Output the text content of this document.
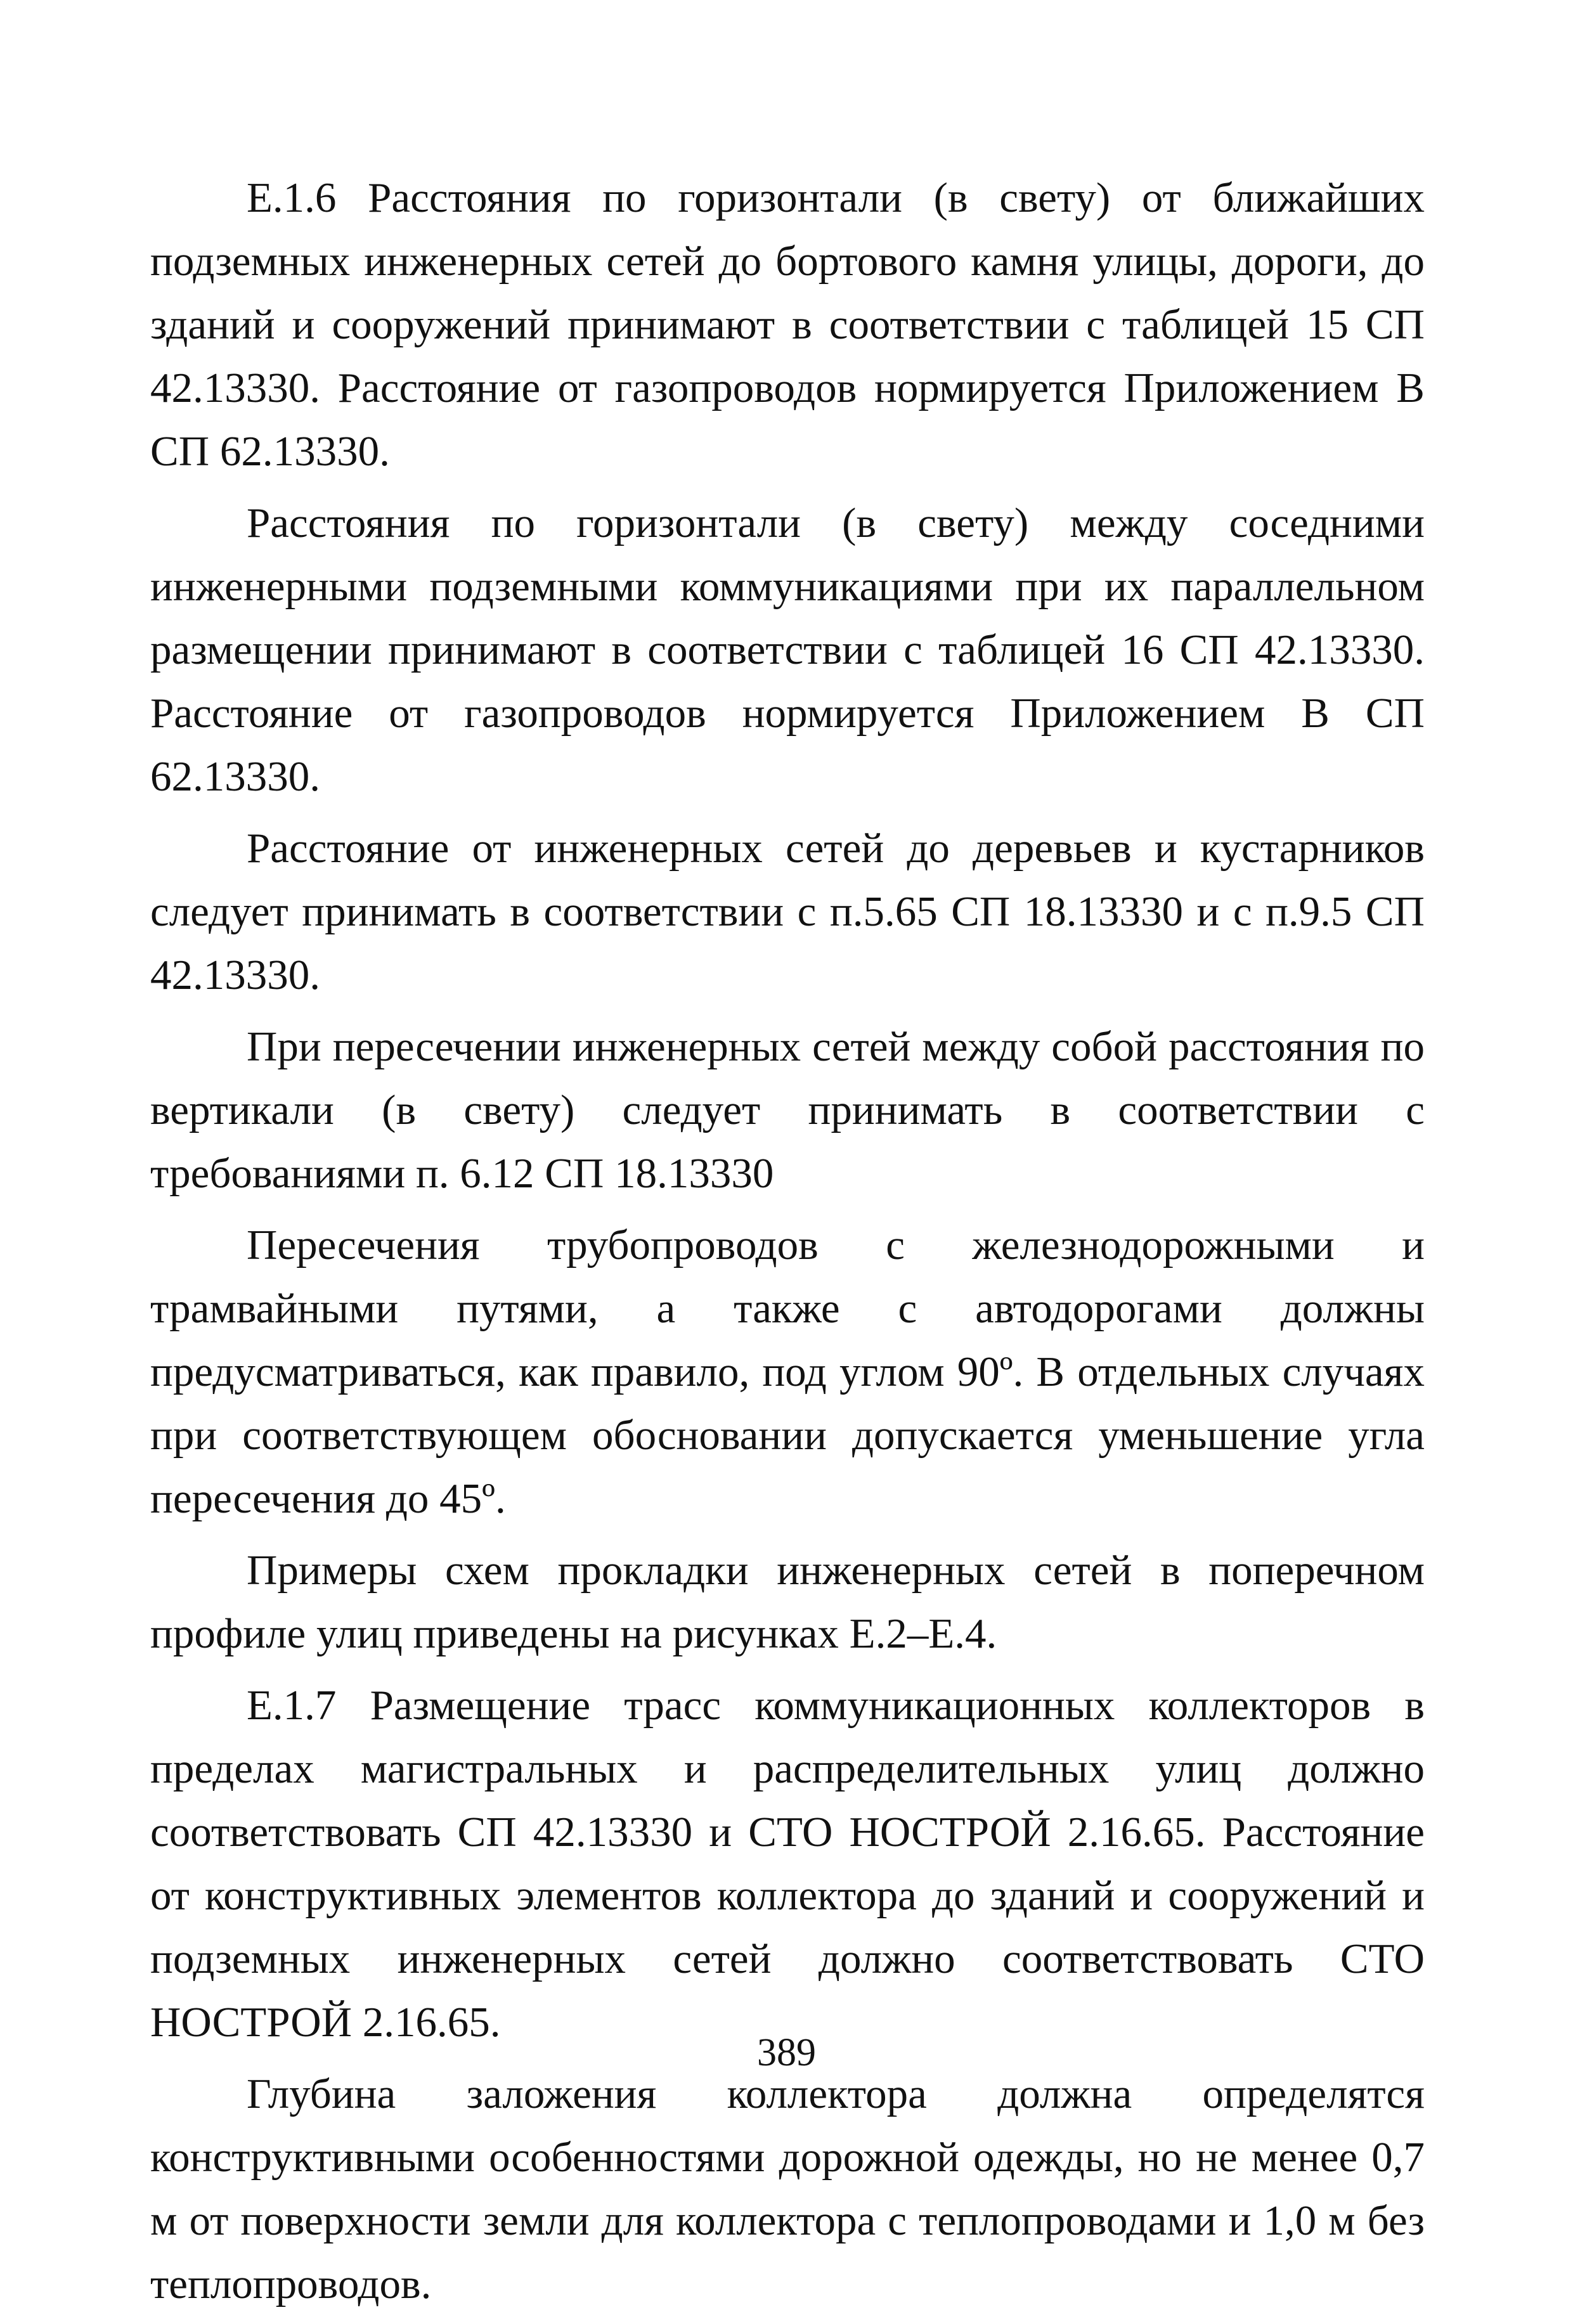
Е.1.6 Расстояния по горизонтали (в свету) от ближайших подземных инженерных сетей до бортового камня улицы, дороги, до зданий и сооружений принимают в соответствии с таблицей 15 СП 42.13330. Расстояние от газопроводов нормируется Приложением В СП 62.13330.

Расстояния по горизонтали (в свету) между соседними инженерными подземными коммуникациями при их параллельном размещении принимают в соответствии с таблицей 16 СП 42.13330. Расстояние от газопроводов нормируется Приложением В СП 62.13330.

Расстояние от инженерных сетей до деревьев и кустарников следует принимать в соответствии с п.5.65 СП 18.13330 и с п.9.5 СП 42.13330.

При пересечении инженерных сетей между собой расстояния по вертикали (в свету) следует принимать в соответствии с требованиями п. 6.12 СП 18.13330

Пересечения трубопроводов с железнодорожными и трамвайными путями, а также с автодорогами должны предусматриваться, как правило, под углом 90º. В отдельных случаях при соответствующем обосновании допускается уменьшение угла пересечения до 45º.

Примеры схем прокладки инженерных сетей в поперечном профиле улиц приведены на рисунках Е.2–Е.4.

Е.1.7 Размещение трасс коммуникационных коллекторов в пределах магистральных и распределительных улиц должно соответствовать СП 42.13330 и СТО НОСТРОЙ 2.16.65. Расстояние от конструктивных элементов коллектора до зданий и сооружений и подземных инженерных сетей должно соответствовать СТО НОСТРОЙ 2.16.65.

Глубина заложения коллектора должна определятся конструктивными особенностями дорожной одежды, но не менее 0,7 м от поверхности земли для коллектора с теплопроводами и 1,0 м без теплопроводов.

389
